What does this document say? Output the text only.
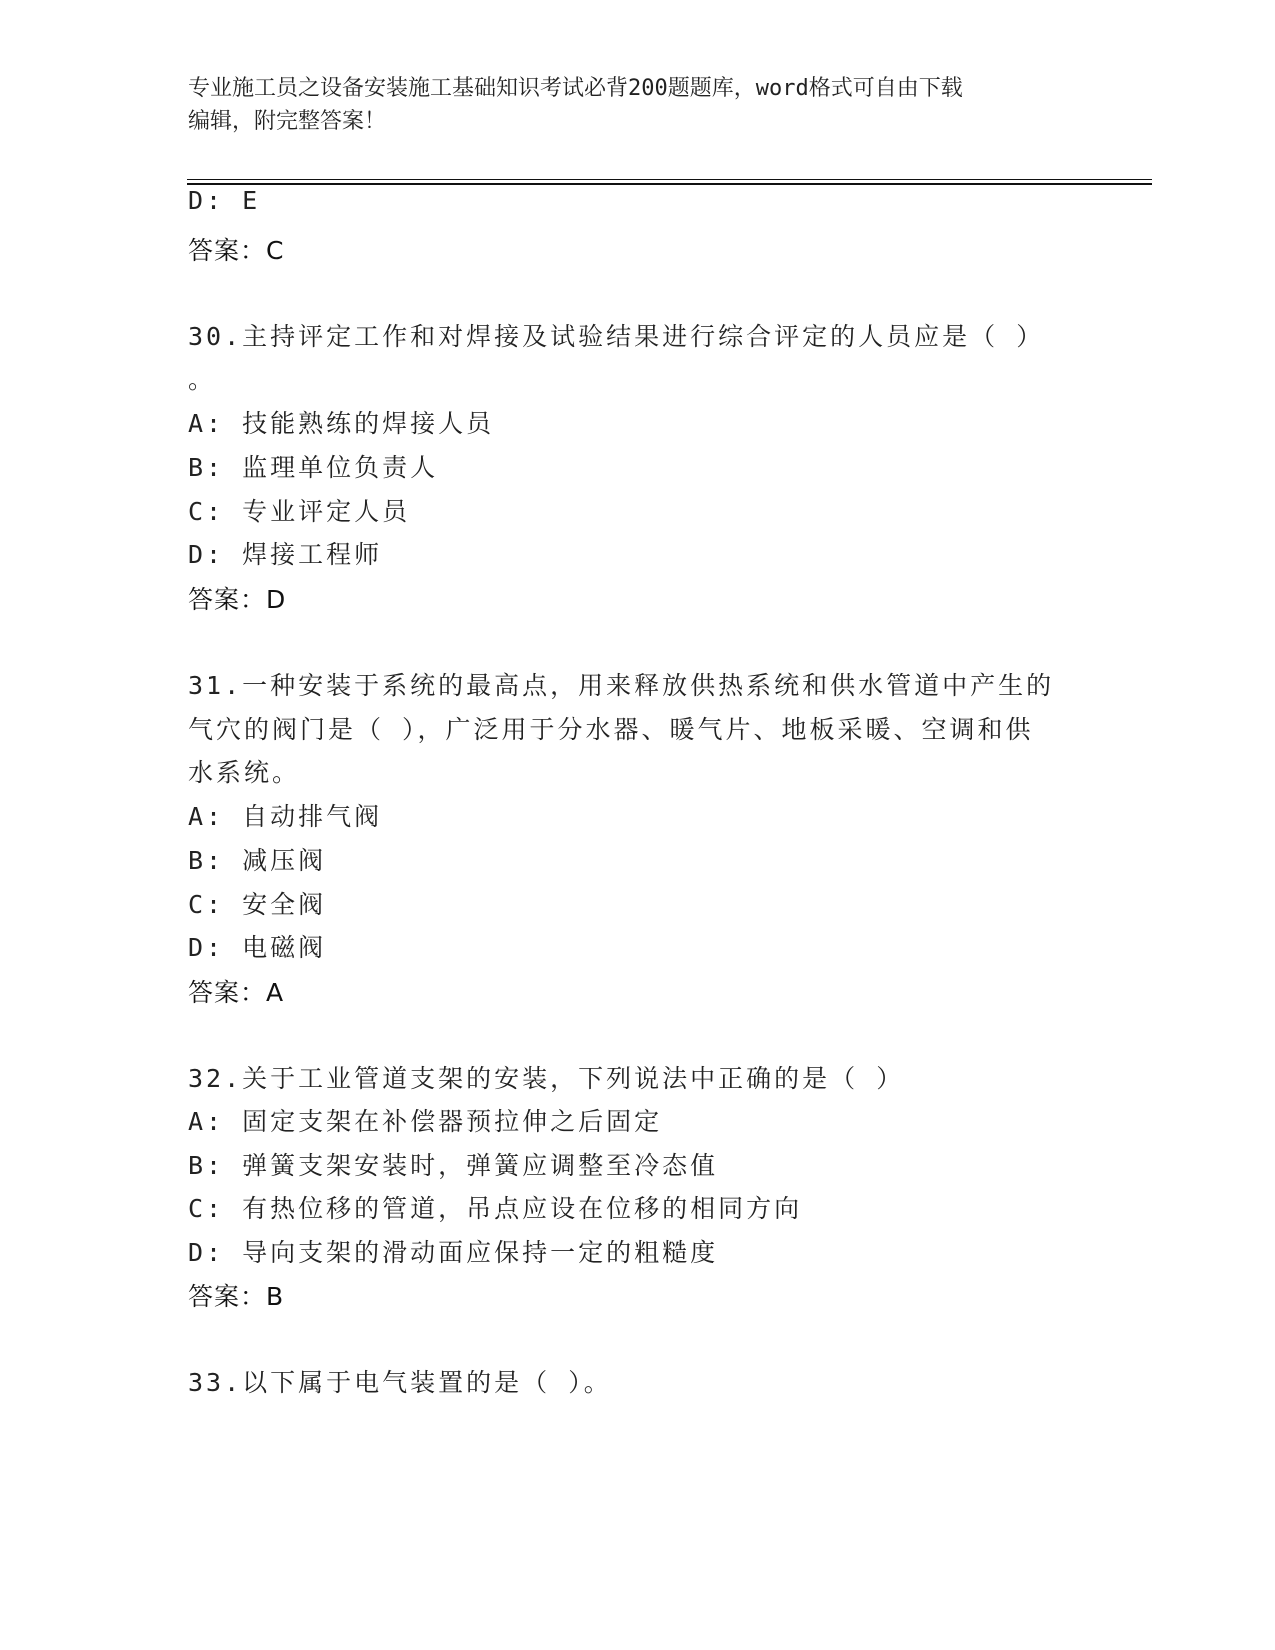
专业施工员之设备安装施工基础知识考试必背200题题库，word格式可自由下载
编辑，附完整答案！
D: E
答案：C
30.主持评定工作和对焊接及试验结果进行综合评定的人员应是（ ）
。
A: 技能熟练的焊接人员
B: 监理单位负责人
C: 专业评定人员
D: 焊接工程师
答案：D
31.一种安装于系统的最高点，用来释放供热系统和供水管道中产生的
气穴的阀门是（ ），广泛用于分水器、暖气片、地板采暖、空调和供
水系统。
A: 自动排气阀
B: 减压阀
C: 安全阀
D: 电磁阀
答案：A
32.关于工业管道支架的安装，下列说法中正确的是（ ）
A: 固定支架在补偿器预拉伸之后固定
B: 弹簧支架安装时，弹簧应调整至冷态值
C: 有热位移的管道，吊点应设在位移的相同方向
D: 导向支架的滑动面应保持一定的粗糙度
答案：B
33.以下属于电气装置的是（ ）。
